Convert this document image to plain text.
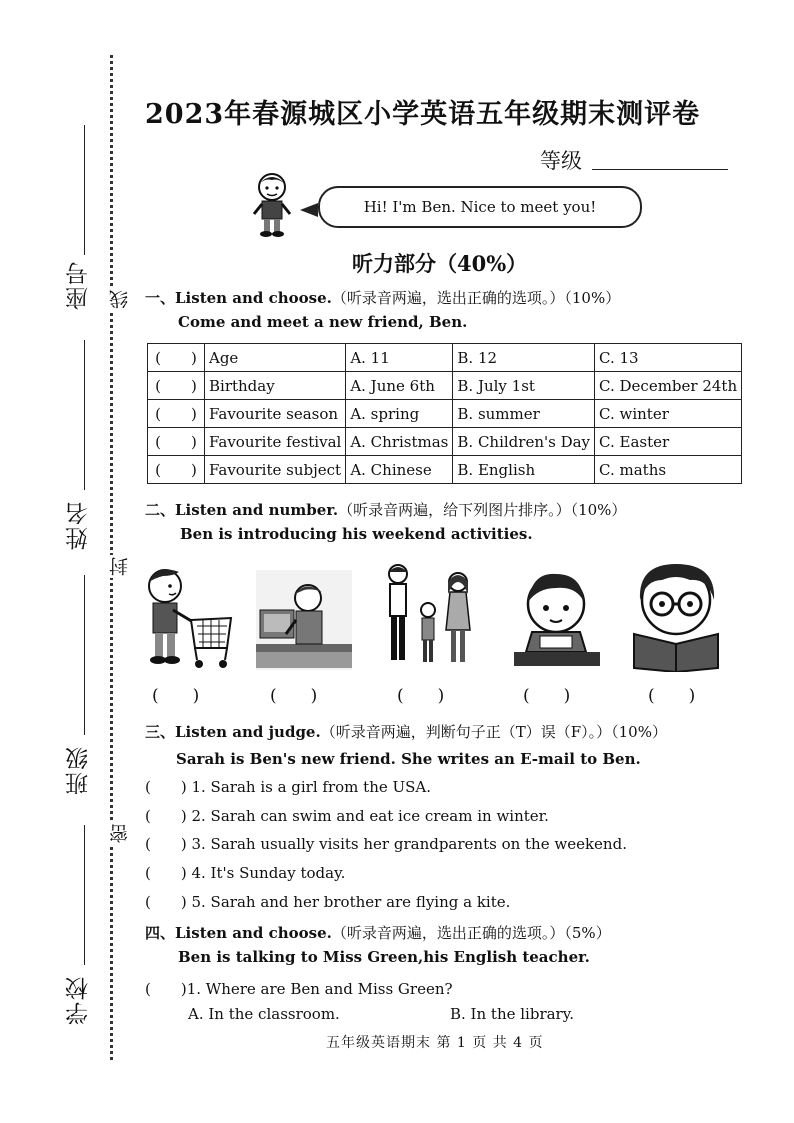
座号
姓名
班级
学校
线
封
密
2023年春源城区小学英语五年级期末测评卷
等级
Hi! I'm Ben. Nice to meet you!
听力部分（40%）
一、Listen and choose.（听录音两遍，选出正确的选项。）（10%）
Come and meet a new friend, Ben.
(　　)	Age	A. 11	B. 12	C. 13
(　　)	Birthday	A. June 6th	B. July 1st	C. December 24th
(　　)	Favourite season	A. spring	B. summer	C. winter
(　　)	Favourite festival	A. Christmas	B. Children's Day	C. Easter
(　　)	Favourite subject	A. Chinese	B. English	C. maths
二、Listen and number.（听录音两遍，给下列图片排序。）（10%）
Ben is introducing his weekend activities.
(　　)	(　　)	(　　)	(　　)	(　　)
三、Listen and judge.（听录音两遍，判断句子正（T）误（F）。）（10%）
Sarah is Ben's new friend. She writes an E-mail to Ben.
(　　) 1. Sarah is a girl from the USA.
(　　) 2. Sarah can swim and eat ice cream in winter.
(　　) 3. Sarah usually visits her grandparents on the weekend.
(　　) 4. It's Sunday today.
(　　) 5. Sarah and her brother are flying a kite.
四、Listen and choose.（听录音两遍，选出正确的选项。）（5%）
Ben is talking to Miss Green,his English teacher.
(　　)1. Where are Ben and Miss Green?
A. In the classroom.	B. In the library.
五年级英语期末 第 1 页 共 4 页
